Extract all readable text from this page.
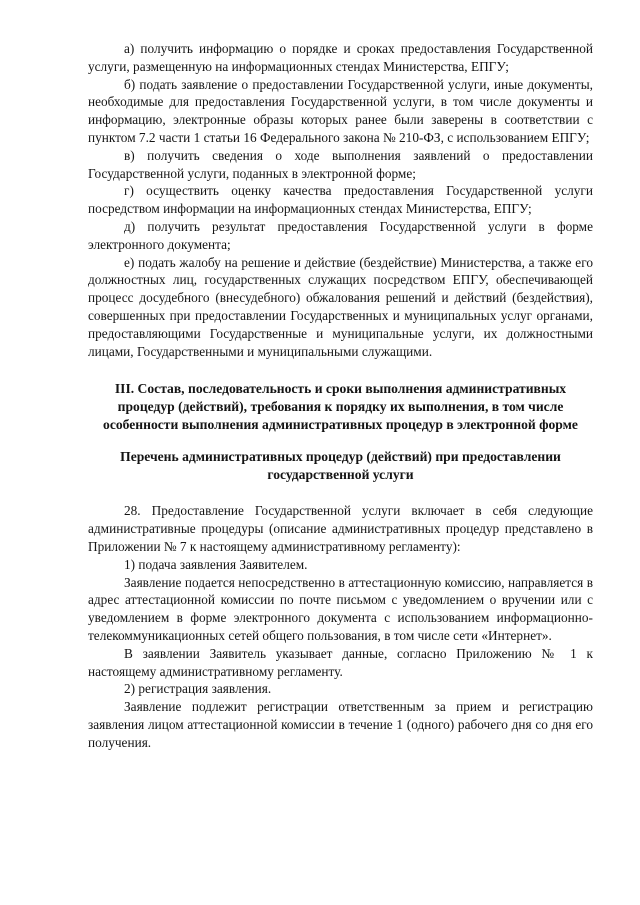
а) получить информацию о порядке и сроках предоставления Государственной услуги, размещенную на информационных стендах Министерства, ЕПГУ;

б) подать заявление о предоставлении Государственной услуги, иные документы, необходимые для предоставления Государственной услуги, в том числе документы и информацию, электронные образы которых ранее были заверены в соответствии с пунктом 7.2 части 1 статьи 16 Федерального закона № 210-ФЗ, с использованием ЕПГУ;

в) получить сведения о ходе выполнения заявлений о предоставлении Государственной услуги, поданных в электронной форме;

г) осуществить оценку качества предоставления Государственной услуги посредством информации на информационных стендах Министерства, ЕПГУ;

д) получить результат предоставления Государственной услуги в форме электронного документа;

е) подать жалобу на решение и действие (бездействие) Министерства, а также его должностных лиц, государственных служащих посредством ЕПГУ, обеспечивающей процесс досудебного (внесудебного) обжалования решений и действий (бездействия), совершенных при предоставлении Государственных и муниципальных услуг органами, предоставляющими Государственные и муниципальные услуги, их должностными лицами, Государственными и муниципальными служащими.

III. Состав, последовательность и сроки выполнения административных процедур (действий), требования к порядку их выполнения, в том числе особенности выполнения административных процедур в электронной форме

Перечень административных процедур (действий) при предоставлении государственной услуги

28. Предоставление Государственной услуги включает в себя следующие административные процедуры (описание административных процедур представлено в Приложении № 7 к настоящему административному регламенту):

1) подача заявления Заявителем.

Заявление подается непосредственно в аттестационную комиссию, направляется в адрес аттестационной комиссии по почте письмом с уведомлением о вручении или с уведомлением в форме электронного документа с использованием информационно-телекоммуникационных сетей общего пользования, в том числе сети «Интернет».

В заявлении Заявитель указывает данные, согласно Приложению № 1 к настоящему административному регламенту.

2) регистрация заявления.

Заявление подлежит регистрации ответственным за прием и регистрацию заявления лицом аттестационной комиссии в течение 1 (одного) рабочего дня со дня его получения.
